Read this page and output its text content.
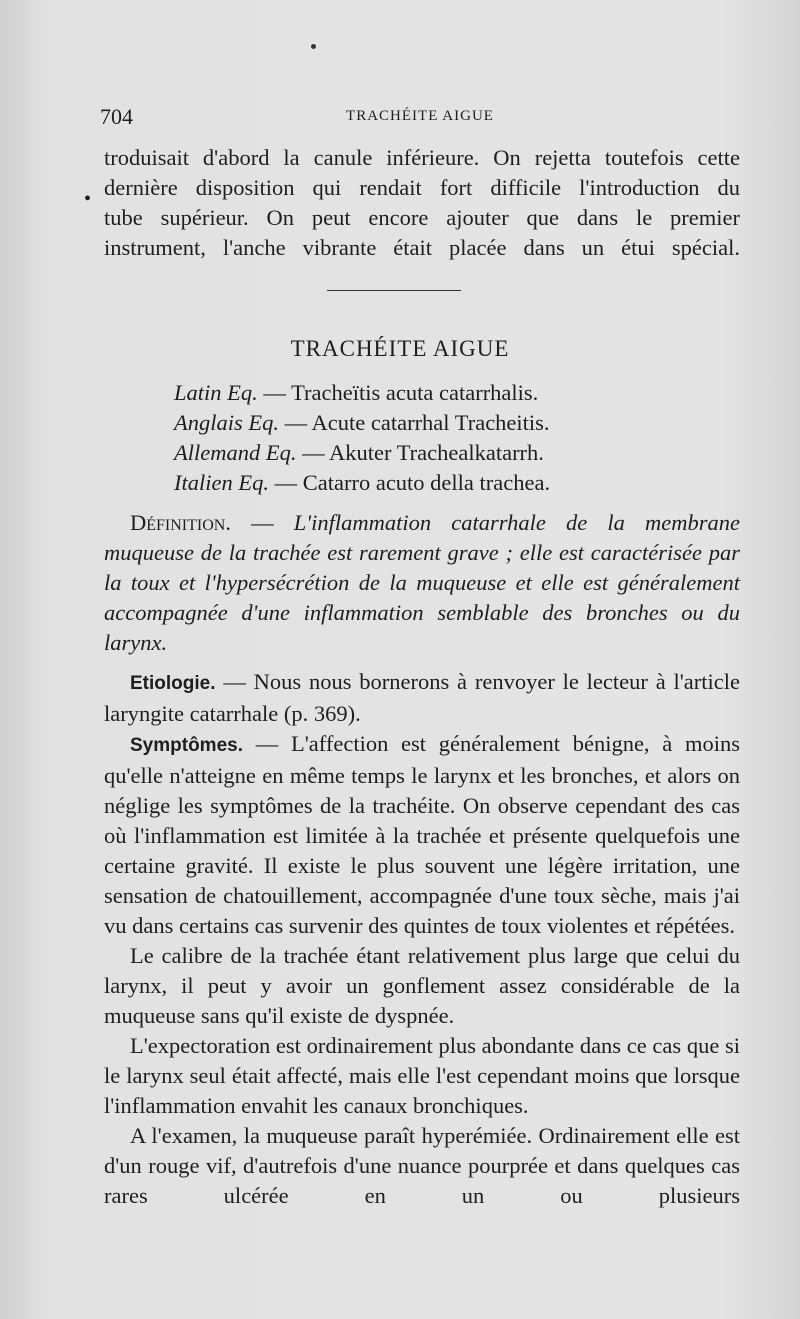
•
704	TRACHÉITE AIGUE

troduisait d'abord la canule inférieure. On rejetta toutefois cette

dernière disposition qui rendait fort difficile l'introduction du

tube supérieur. On peut encore ajouter que dans le premier

instrument, l'anche vibrante était placée dans un étui spécial.

TRACHÉITE AIGUE
Latin Eq. — Tracheïtis acuta catarrhalis.
Anglais Eq. — Acute catarrhal Tracheitis.
Allemand Eq. — Akuter Trachealkatarrh.
Italien Eq. — Catarro acuto della trachea.

Définition. — L'inflammation catarrhale de la membrane muqueuse de la trachée est rarement grave ; elle est caractérisée par la toux et l'hypersécrétion de la muqueuse et elle est généralement accompagnée d'une inflammation semblable des bronches ou du larynx.

Etiologie. — Nous nous bornerons à renvoyer le lecteur à l'article laryngite catarrhale (p. 369).

Symptômes. — L'affection est généralement bénigne, à moins qu'elle n'atteigne en même temps le larynx et les bronches, et alors on néglige les symptômes de la trachéite. On observe cependant des cas où l'inflammation est limitée à la trachée et présente quelquefois une certaine gravité. Il existe le plus souvent une légère irritation, une sensation de chatouillement, accompagnée d'une toux sèche, mais j'ai vu dans certains cas survenir des quintes de toux violentes et répétées.

Le calibre de la trachée étant relativement plus large que celui du larynx, il peut y avoir un gonflement assez considérable de la muqueuse sans qu'il existe de dyspnée.

L'expectoration est ordinairement plus abondante dans ce cas que si le larynx seul était affecté, mais elle l'est cependant moins que lorsque l'inflammation envahit les canaux bronchiques.

A l'examen, la muqueuse paraît hyperémiée. Ordinairement elle est d'un rouge vif, d'autrefois d'une nuance pourprée et dans quelques cas rares ulcérée en un ou plusieurs
